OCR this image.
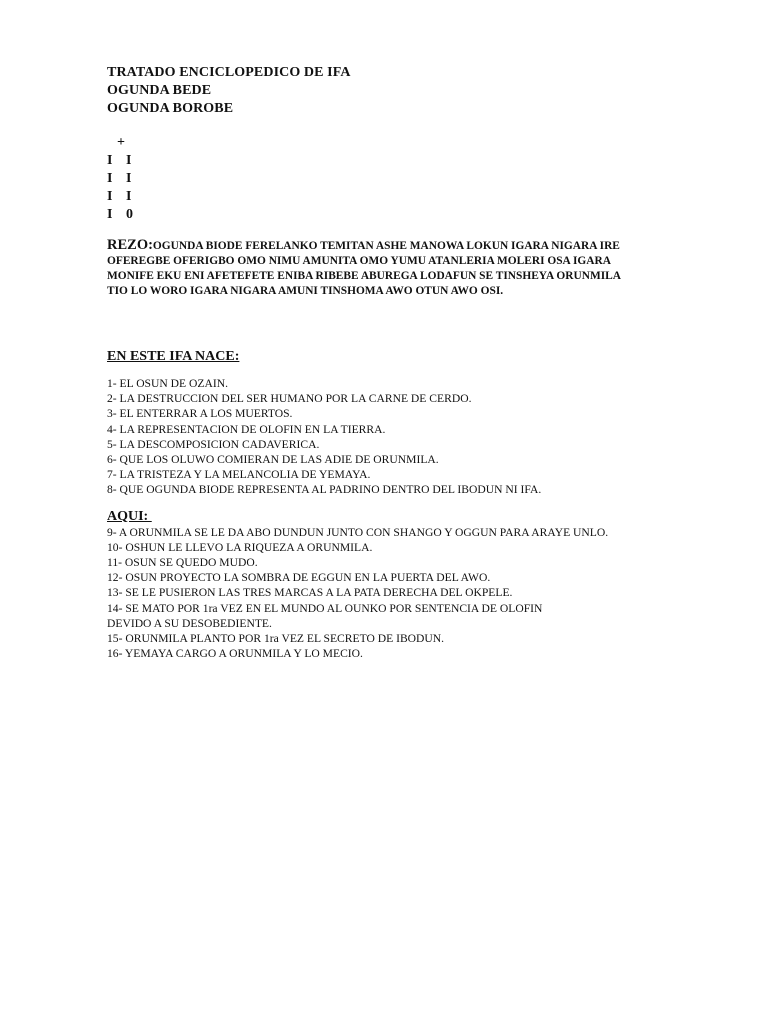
TRATADO ENCICLOPEDICO DE IFA
OGUNDA BEDE
OGUNDA BOROBE
+
I I
I I
I I
I 0
REZO:OGUNDA BIODE FERELANKO TEMITAN ASHE MANOWA LOKUN IGARA NIGARA IRE OFEREGBE OFERIGBO OMO NIMU AMUNITA OMO YUMU ATANLERIA MOLERI OSA IGARA MONIFE EKU ENI AFETEFETE ENIBA RIBEBE ABUREGA LODAFUN SE TINSHEYA ORUNMILA TIO LO WORO IGARA NIGARA AMUNI TINSHOMA AWO OTUN AWO OSI.
EN ESTE IFA NACE:
1- EL OSUN DE OZAIN.
2- LA DESTRUCCION DEL SER HUMANO POR LA CARNE DE CERDO.
3- EL ENTERRAR A LOS MUERTOS.
4- LA REPRESENTACION DE OLOFIN EN LA TIERRA.
5- LA DESCOMPOSICION CADAVERICA.
6- QUE LOS OLUWO COMIERAN DE LAS ADIE DE ORUNMILA.
7- LA TRISTEZA Y LA MELANCOLIA DE YEMAYA.
8- QUE OGUNDA BIODE REPRESENTA AL PADRINO DENTRO DEL IBODUN NI IFA.
AQUI:
9- A ORUNMILA SE LE DA ABO DUNDUN JUNTO CON SHANGO Y OGGUN PARA ARAYE UNLO.
10- OSHUN LE LLEVO LA RIQUEZA A ORUNMILA.
11- OSUN SE QUEDO MUDO.
12- OSUN PROYECTO LA SOMBRA DE EGGUN EN LA PUERTA DEL AWO.
13- SE LE PUSIERON LAS TRES MARCAS A LA PATA DERECHA DEL OKPELE.
14- SE MATO POR 1ra VEZ EN EL MUNDO AL OUNKO POR SENTENCIA DE OLOFIN
DEVIDO A SU DESOBEDIENTE.
15- ORUNMILA PLANTO POR 1ra VEZ EL SECRETO DE IBODUN.
16- YEMAYA CARGO A ORUNMILA Y LO MECIO.
